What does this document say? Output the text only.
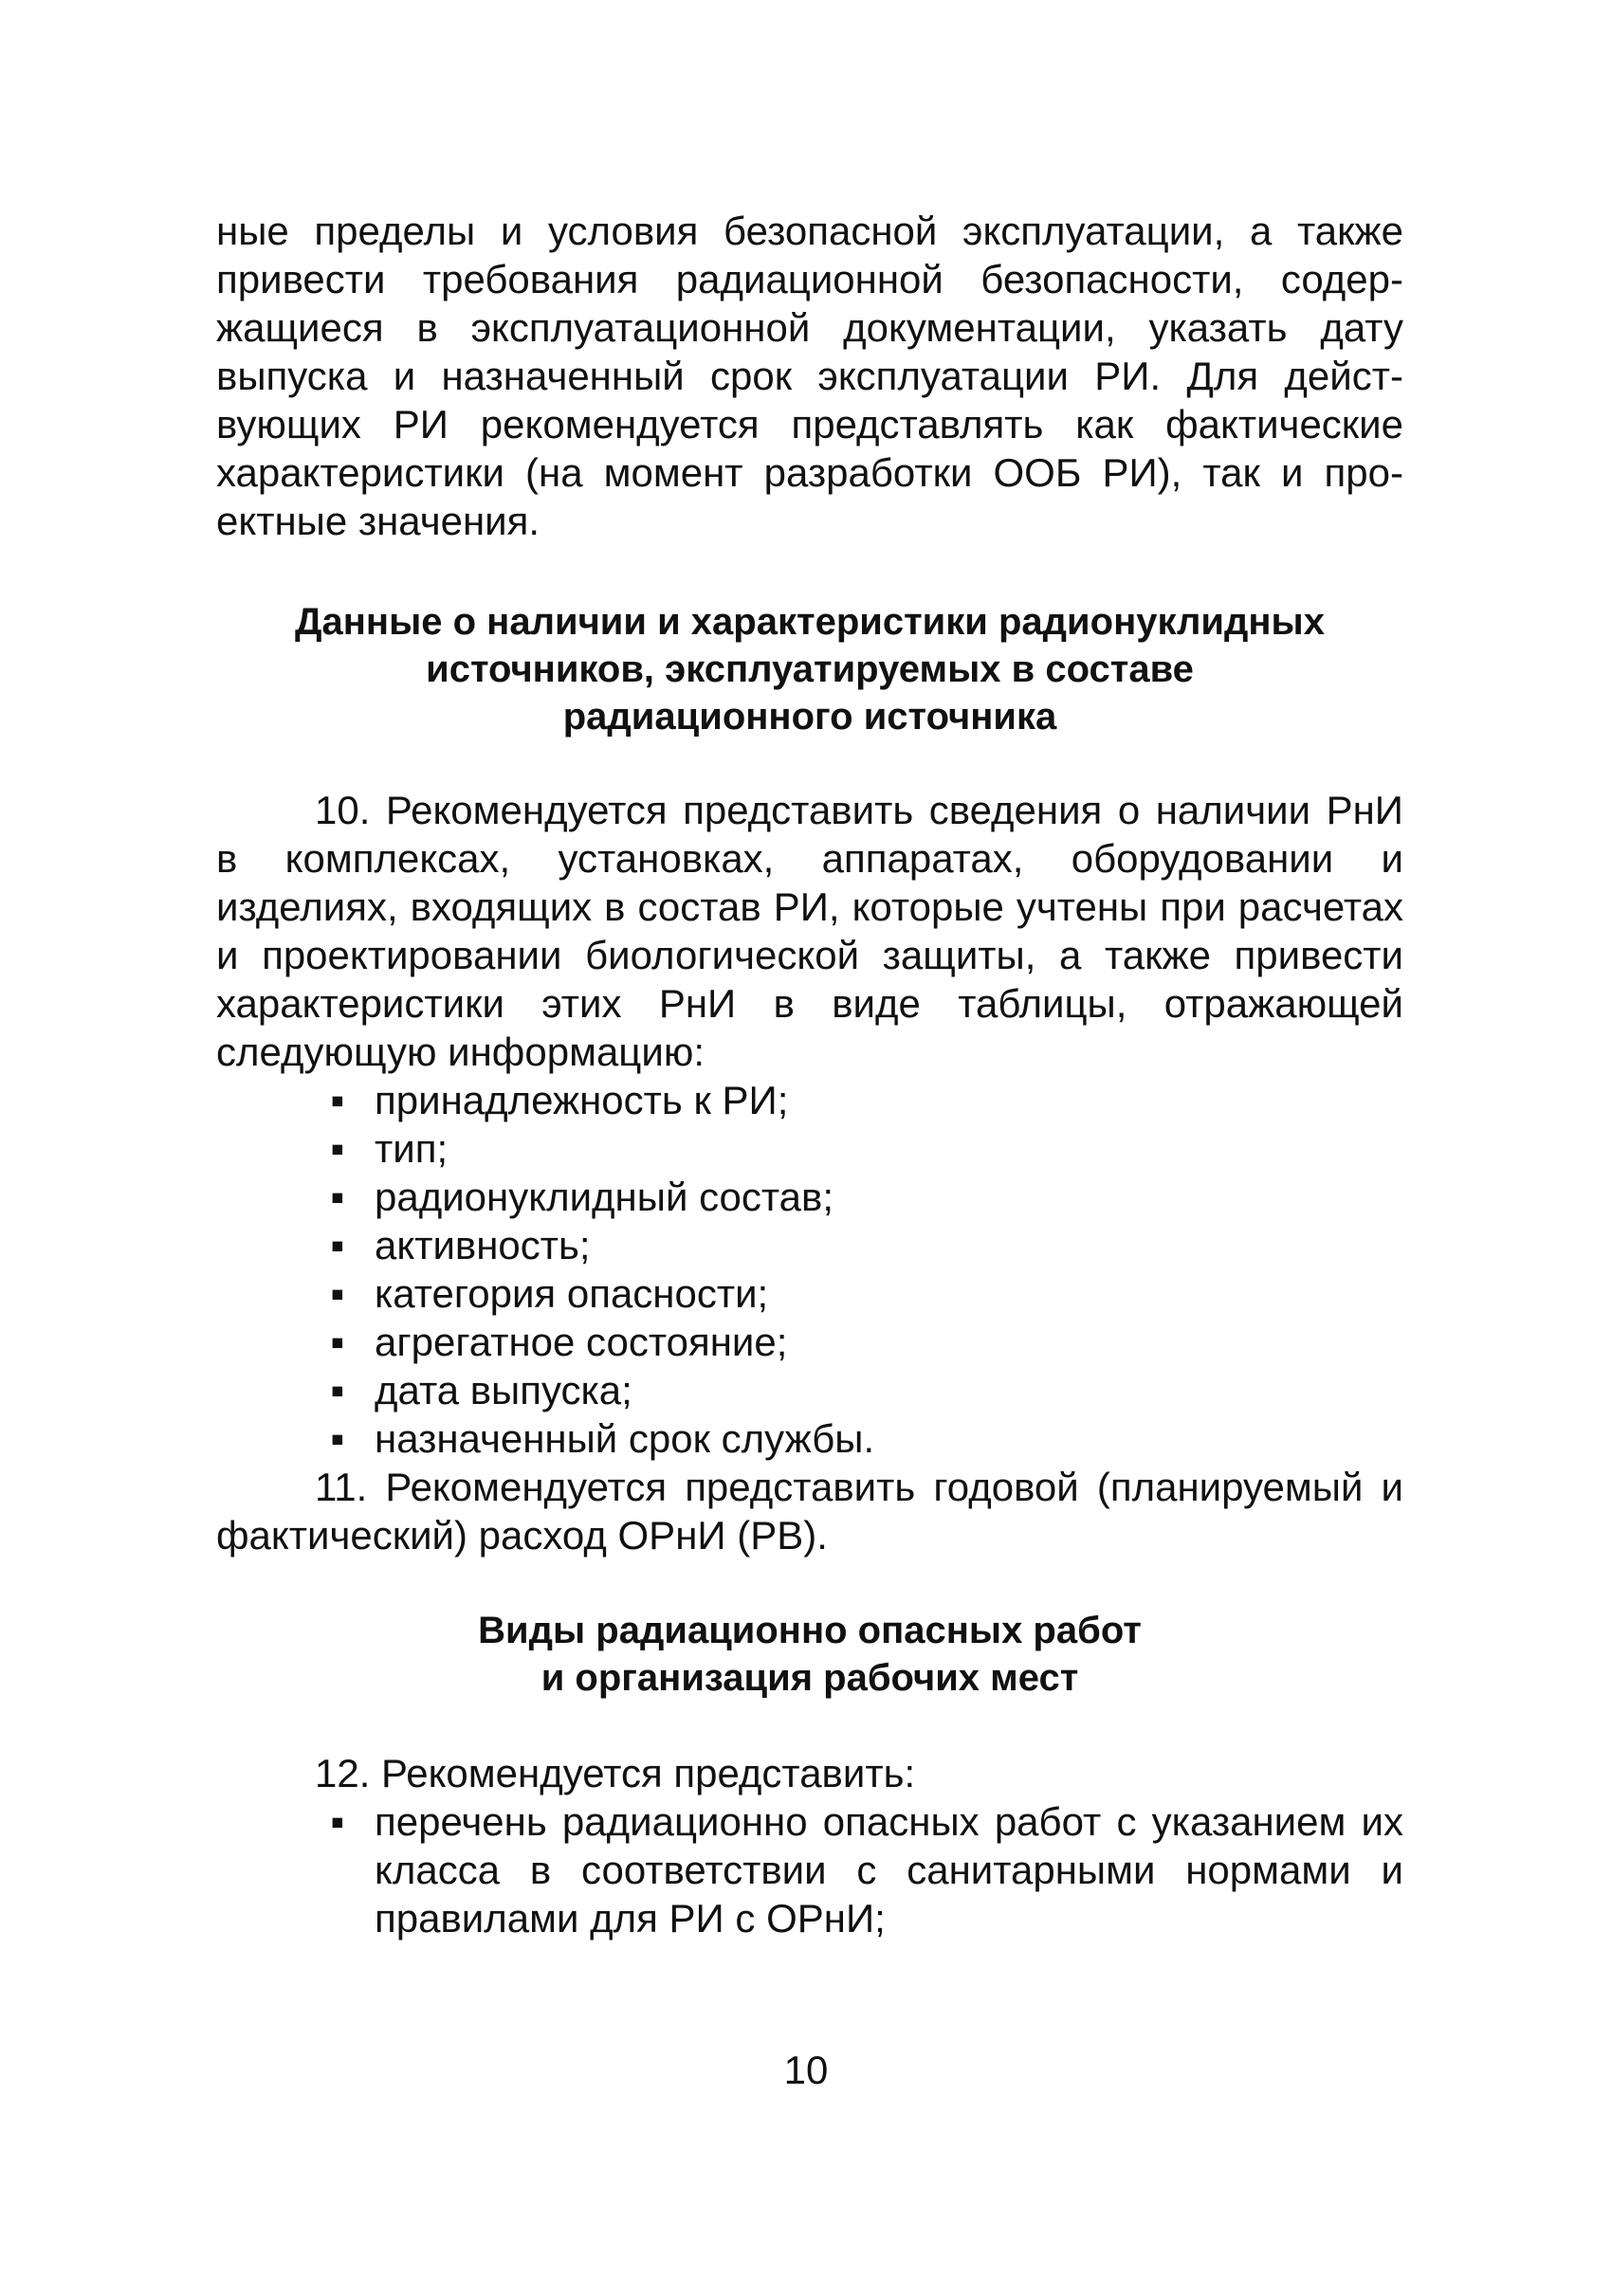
ные пределы и условия безопасной эксплуатации, а также привести требования радиационной безопасности, содержащиеся в эксплуатационной документации, указать дату выпуска и назначенный срок эксплуатации РИ. Для действующих РИ рекомендуется представлять как фактические характеристики (на момент разработки ООБ РИ), так и проектные значения.

Данные о наличии и характеристики радионуклидных
источников, эксплуатируемых в составе
радиационного источника

10. Рекомендуется представить сведения о наличии РнИ в комплексах, установках, аппаратах, оборудовании и изделиях, входящих в состав РИ, которые учтены при расчетах и проектировании биологической защиты, а также привести характеристики этих РнИ в виде таблицы, отражающей следующую информацию:

▪ принадлежность к РИ;
▪ тип;
▪ радионуклидный состав;
▪ активность;
▪ категория опасности;
▪ агрегатное состояние;
▪ дата выпуска;
▪ назначенный срок службы.

11. Рекомендуется представить годовой (планируемый и фактический) расход ОРнИ (РВ).

Виды радиационно опасных работ
и организация рабочих мест

12. Рекомендуется представить:

▪ перечень радиационно опасных работ с указанием их класса в соответствии с санитарными нормами и правилами для РИ с ОРнИ;
10
